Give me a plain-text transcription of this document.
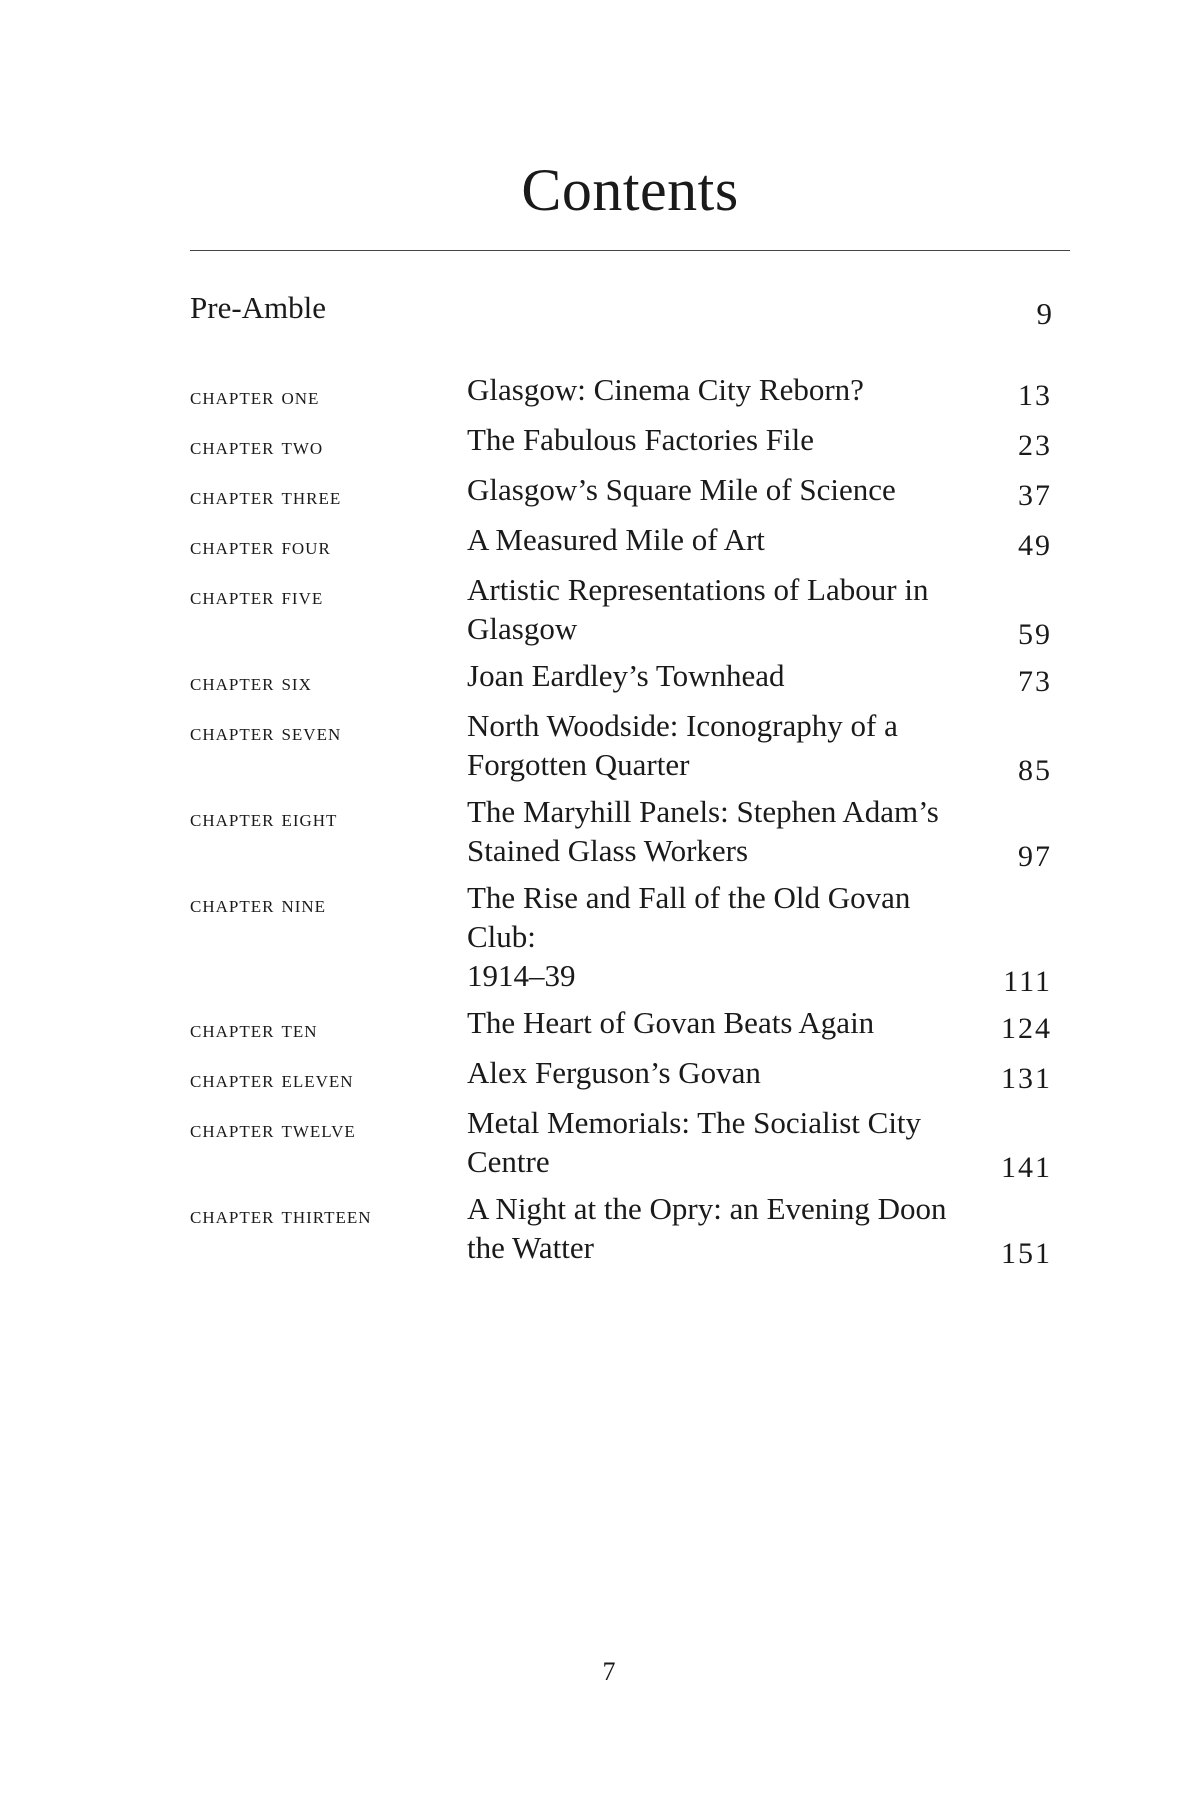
Contents
Pre-Amble	9
chapter one	Glasgow: Cinema City Reborn?	13
chapter two	The Fabulous Factories File	23
chapter three	Glasgow’s Square Mile of Science	37
chapter four	A Measured Mile of Art	49
chapter five	Artistic Representations of Labour in
Glasgow	59
chapter six	Joan Eardley’s Townhead	73
chapter seven	North Woodside: Iconography of a
Forgotten Quarter	85
chapter eight	The Maryhill Panels: Stephen Adam’s
Stained Glass Workers	97
chapter nine	The Rise and Fall of the Old Govan Club:
1914–39	111
chapter ten	The Heart of Govan Beats Again	124
chapter eleven	Alex Ferguson’s Govan	131
chapter twelve	Metal Memorials: The Socialist City
Centre	141
chapter thirteen	A Night at the Opry: an Evening Doon
the Watter	151
7
